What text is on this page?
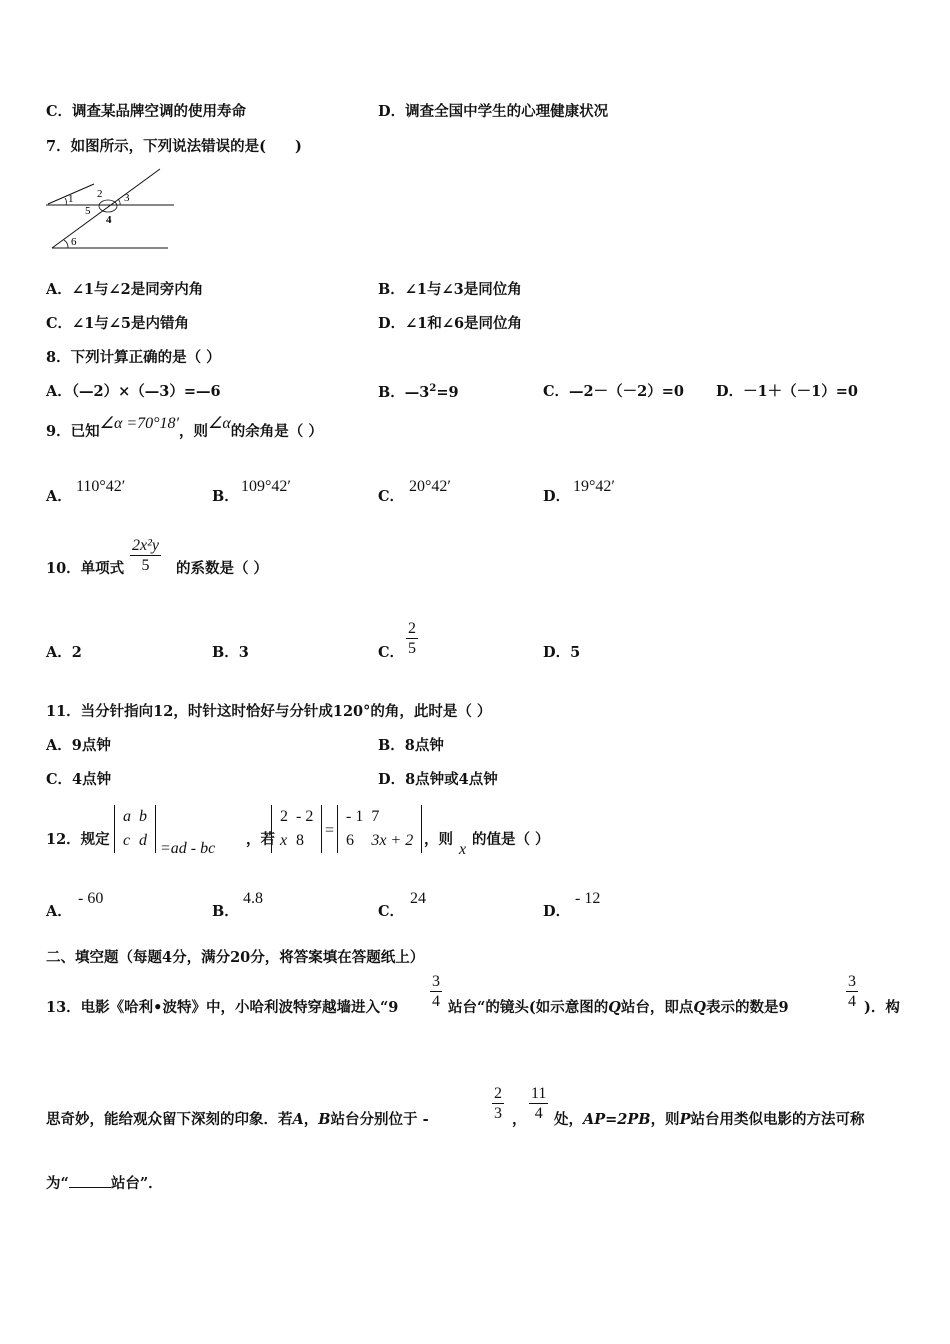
C．调查某品牌空调的使用寿命	D．调查全国中学生的心理健康状况
7．如图所示，下列说法错误的是(　　)
1 2 3
5
4
6
A．∠1与∠2是同旁内角	B．∠1与∠3是同位角
C．∠1与∠5是内错角	D．∠1和∠6是同位角
8．下列计算正确的是（ ）
A．（—2）×（—3）=—6	B．$—3^2=9$	C．—2－（－2）=0 D．－1＋（－1）=0
9．已知∠α =70°18′，则∠α的余角是（ ）
A．
110°42′
B．
109°42′
C．
20°42′
D．
19°42′
10．单项式 $\frac{\text{2x²y}}{5}$ 的系数是（ ）
A．2	B．3	C． $\frac{2}{5}$	D．5
11．当分针指向12，时针这时恰好与分针成120°的角，此时是（ ）
A．9点钟	B．8点钟
C．4点钟	D．8点钟或4点钟
12．规定
a	b
c	d =ad - bc
，若
2	- 2
x	8
=
- 1	7
6	3x + 2 ，则
x
的值是（ ）
A．
- 60
B．
4.8
C．
24
D．
- 12
二、填空题（每题4分，满分20分，将答案填在答题纸上）
13．电影《哈利•波特》中，小哈利波特穿越墙进入“$9 \frac{3}{4}$ 站台“的镜头(如示意图的Q站台，即点Q表示的数是9	$\frac{3}{4}$ )．构
思奇妙，能给观众留下深刻的印象．若A，B站台分别位于 -	$\frac{2}{3}$ ， $\frac{11}{4}$ 处，AP=2PB，则P站台用类似电影的方法可称
为“	站台”．
